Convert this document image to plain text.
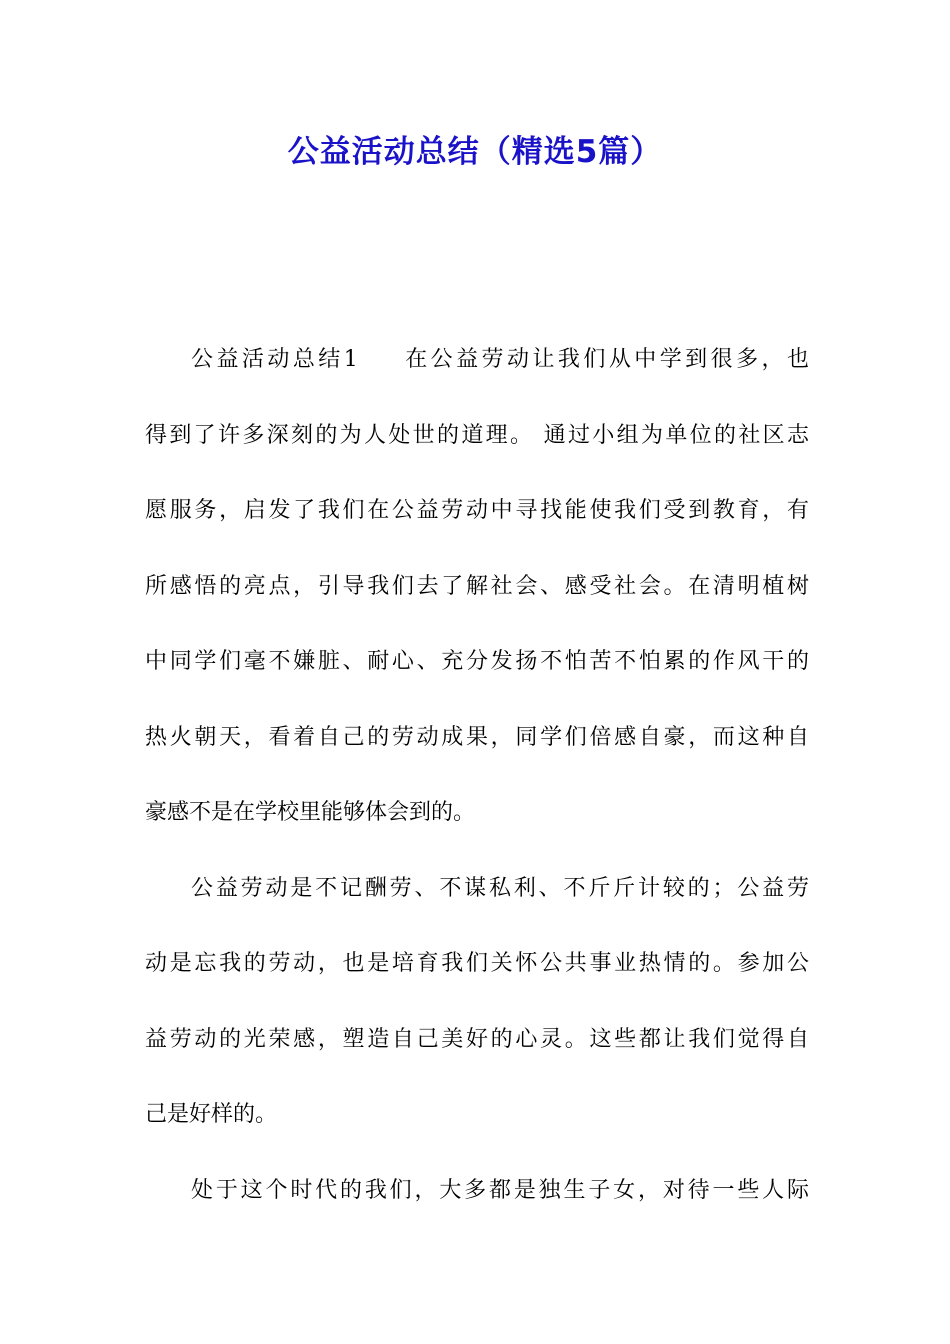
公益活动总结（精选5篇）
公益活动总结1 在公益劳动让我们从中学到很多，也
得到了许多深刻的为人处世的道理。 通过小组为单位的社区志
愿服务，启发了我们在公益劳动中寻找能使我们受到教育，有
所感悟的亮点，引导我们去了解社会、感受社会。在清明植树
中同学们毫不嫌脏、耐心、充分发扬不怕苦不怕累的作风干的
热火朝天，看着自己的劳动成果，同学们倍感自豪，而这种自
豪感不是在学校里能够体会到的。
公益劳动是不记酬劳、不谋私利、不斤斤计较的；公益劳
动是忘我的劳动，也是培育我们关怀公共事业热情的。参加公
益劳动的光荣感，塑造自己美好的心灵。这些都让我们觉得自
己是好样的。
处于这个时代的我们，大多都是独生子女，对待一些人际
